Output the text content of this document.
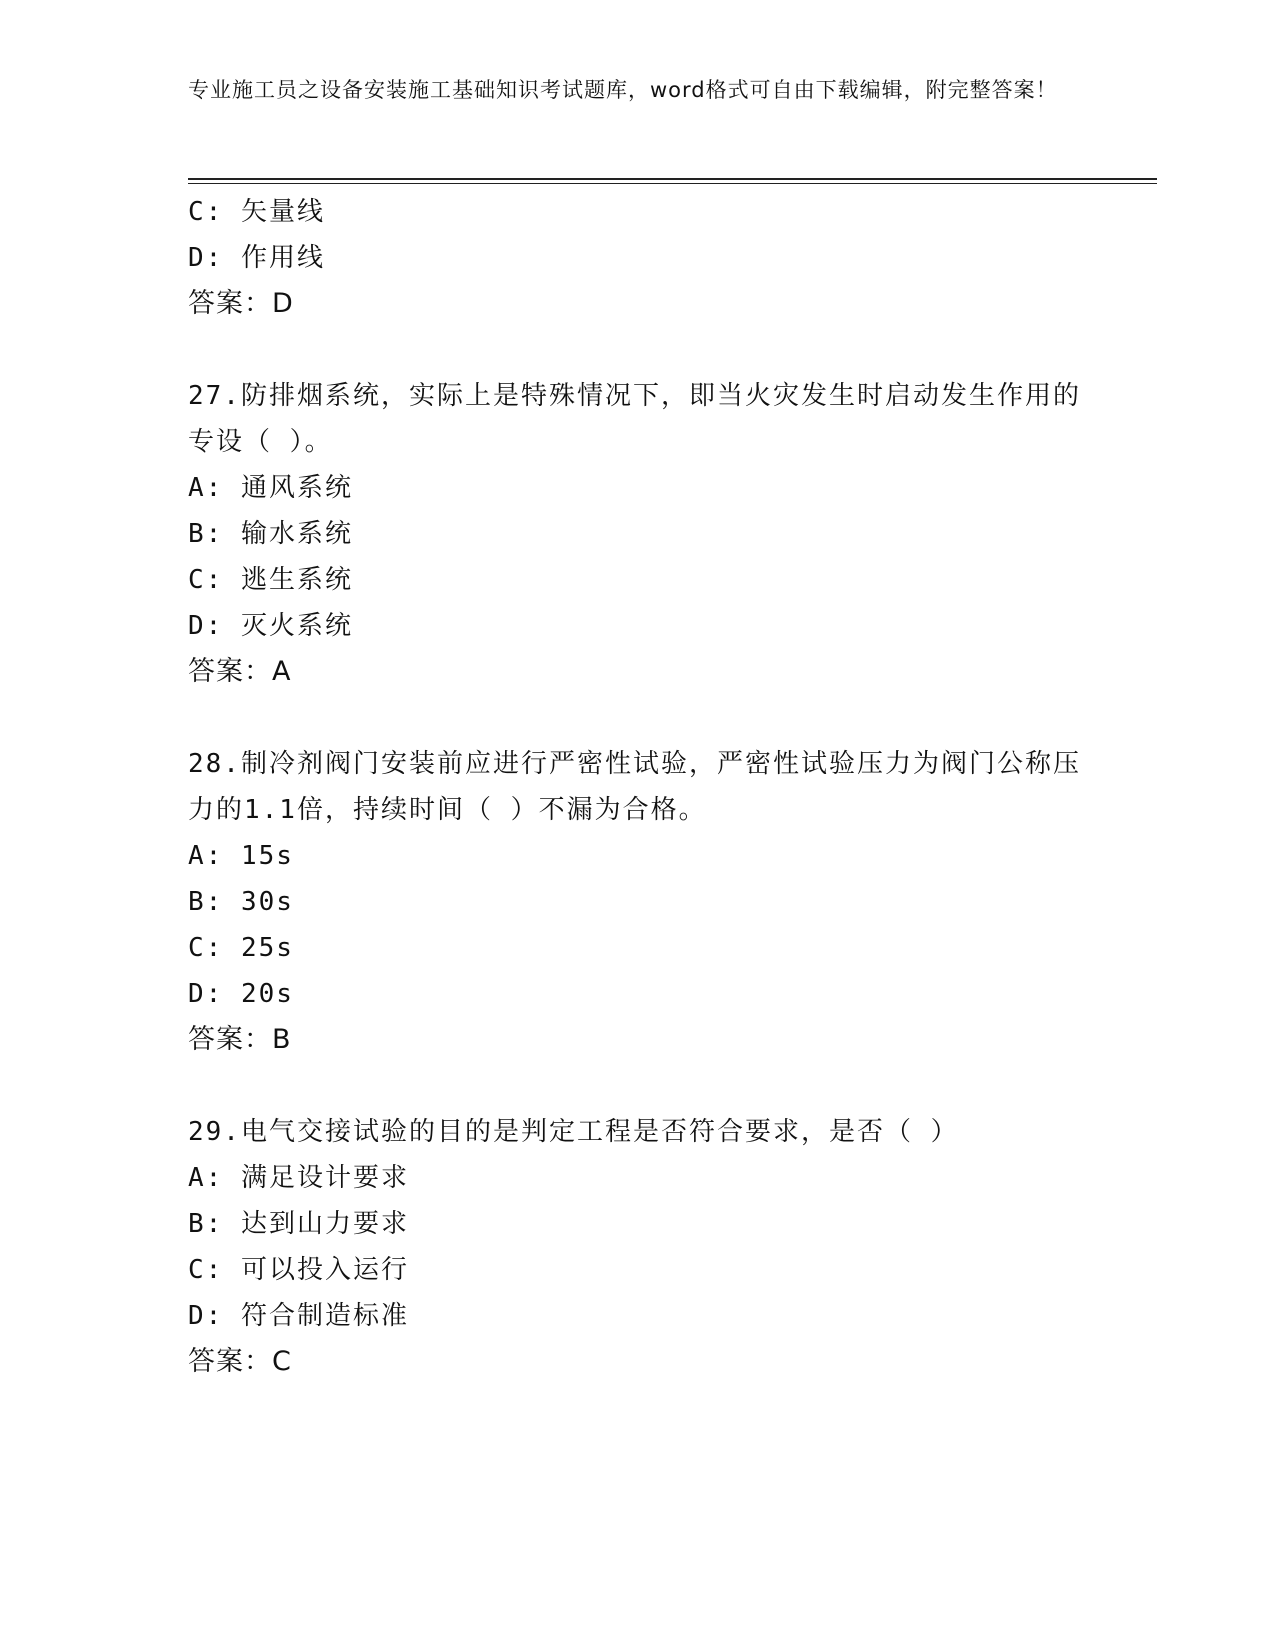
专业施工员之设备安装施工基础知识考试题库，word格式可自由下载编辑，附完整答案！
C: 矢量线
D: 作用线
答案：D
27.防排烟系统，实际上是特殊情况下，即当火灾发生时启动发生作用的专设（ ）。
A: 通风系统
B: 输水系统
C: 逃生系统
D: 灭火系统
答案：A
28.制冷剂阀门安装前应进行严密性试验，严密性试验压力为阀门公称压力的1.1倍，持续时间（ ）不漏为合格。
A: 15s
B: 30s
C: 25s
D: 20s
答案：B
29.电气交接试验的目的是判定工程是否符合要求，是否（ ）
A: 满足设计要求
B: 达到山力要求
C: 可以投入运行
D: 符合制造标准
答案：C
